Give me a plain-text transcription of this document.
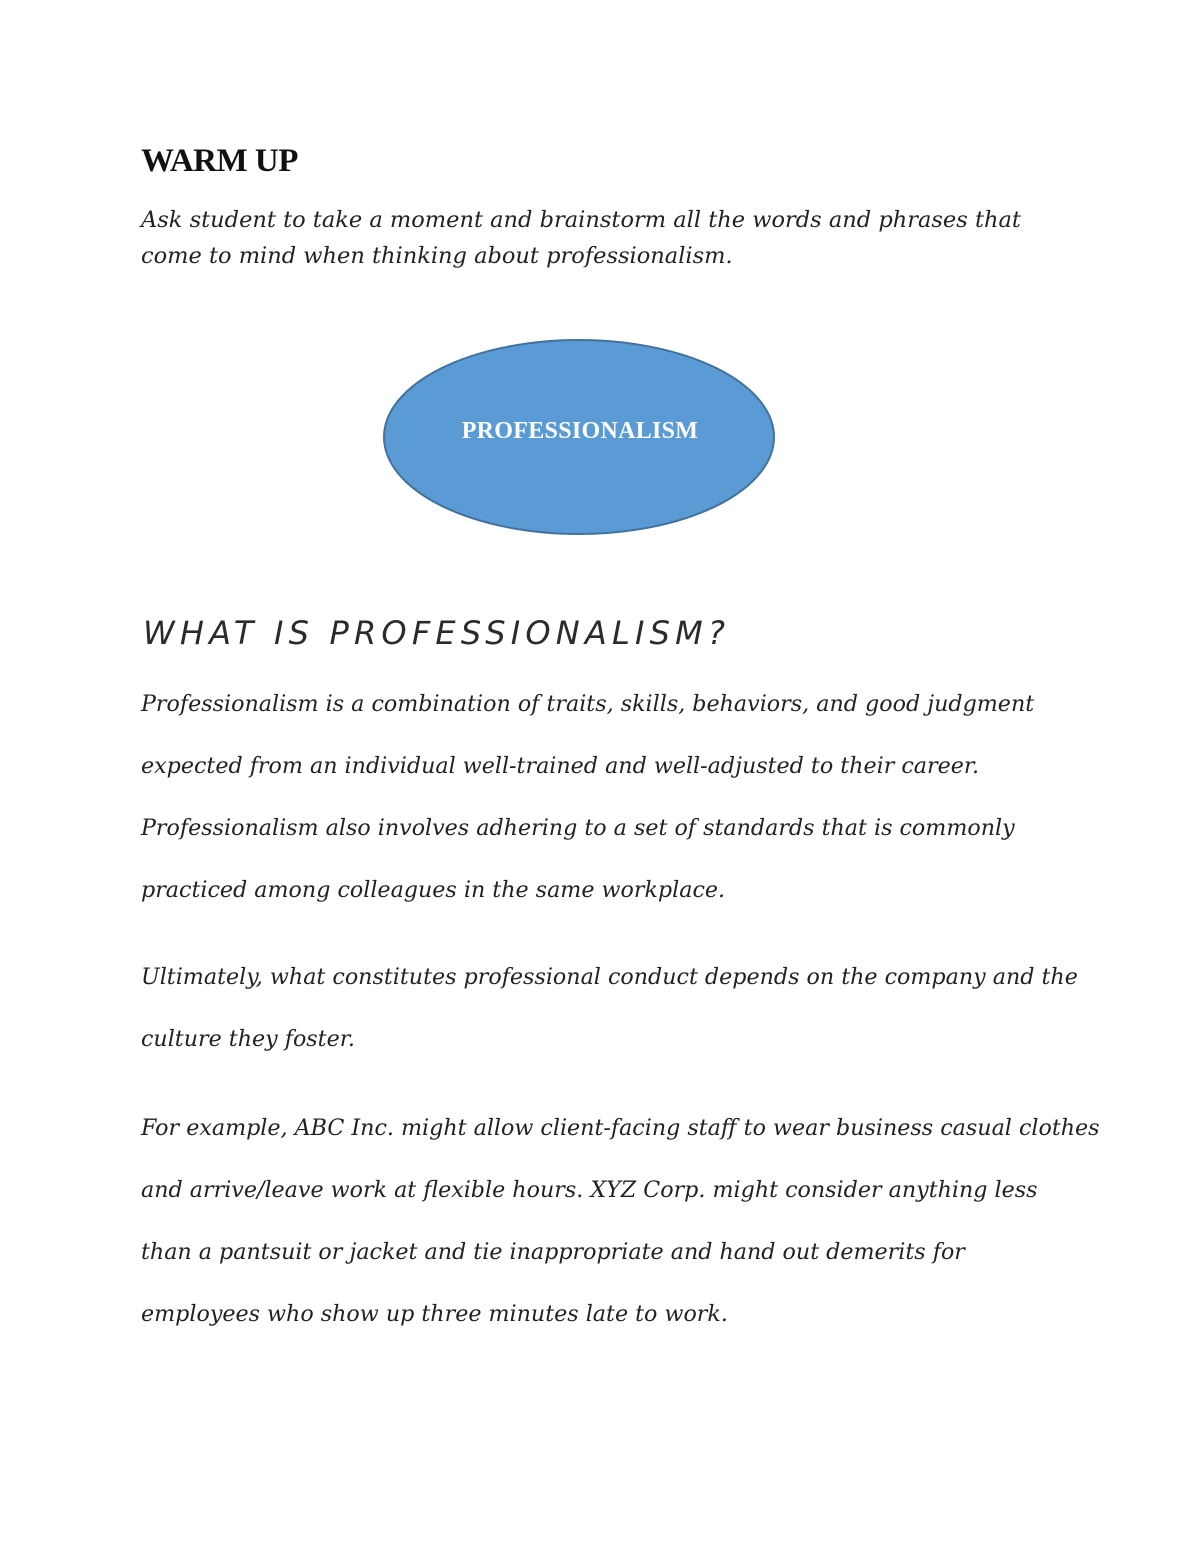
WARM UP

Ask student to take a moment and brainstorm all the words and phrases that
come to mind when thinking about professionalism.

PROFESSIONALISM
WHAT IS PROFESSIONALISM?

Professionalism is a combination of traits, skills, behaviors, and good judgment
expected from an individual well-trained and well-adjusted to their career.
Professionalism also involves adhering to a set of standards that is commonly
practiced among colleagues in the same workplace.

Ultimately, what constitutes professional conduct depends on the company and the
culture they foster.

For example, ABC Inc. might allow client-facing staff to wear business casual clothes
and arrive/leave work at flexible hours. XYZ Corp. might consider anything less
than a pantsuit or jacket and tie inappropriate and hand out demerits for
employees who show up three minutes late to work.
